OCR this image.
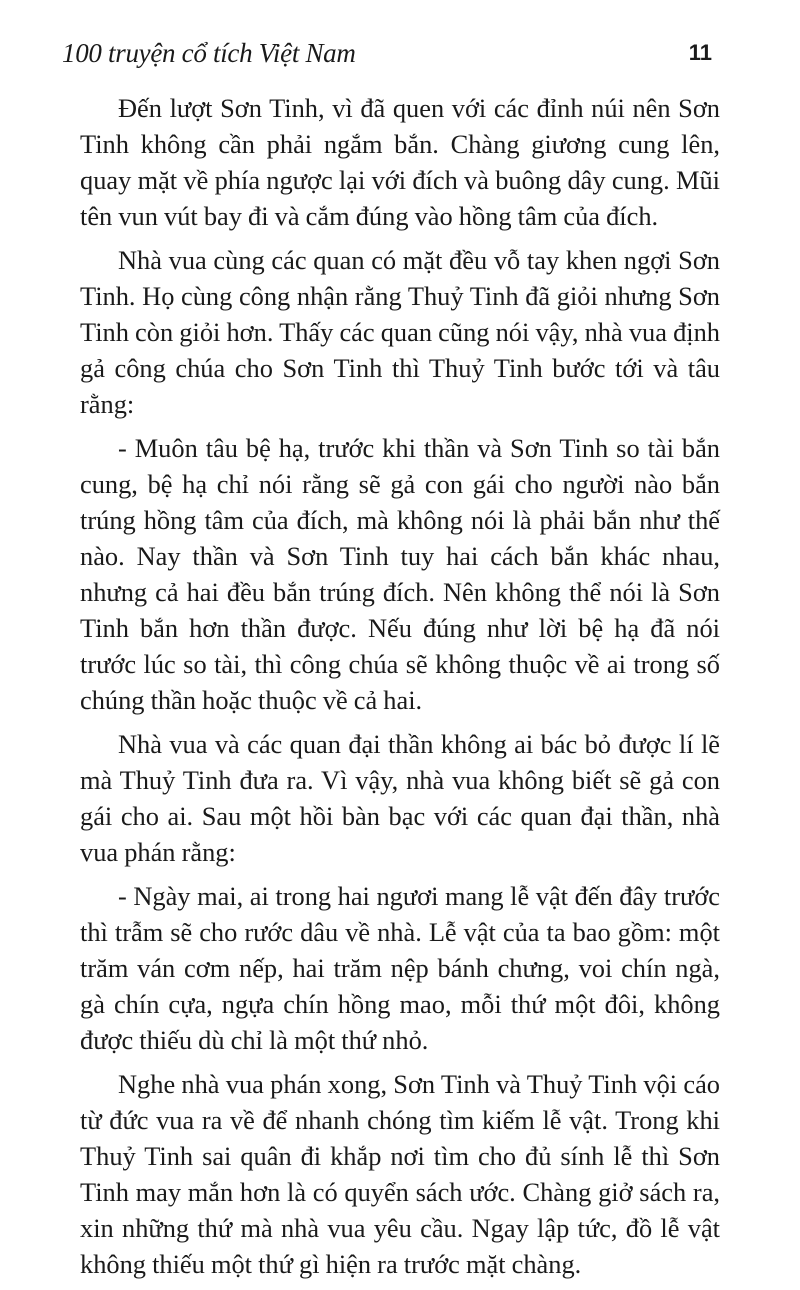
100 truyện cổ tích Việt Nam	11

Đến lượt Sơn Tinh, vì đã quen với các đỉnh núi nên Sơn Tinh không cần phải ngắm bắn. Chàng giương cung lên, quay mặt về phía ngược lại với đích và buông dây cung. Mũi tên vun vút bay đi và cắm đúng vào hồng tâm của đích.

Nhà vua cùng các quan có mặt đều vỗ tay khen ngợi Sơn Tinh. Họ cùng công nhận rằng Thuỷ Tinh đã giỏi nhưng Sơn Tinh còn giỏi hơn. Thấy các quan cũng nói vậy, nhà vua định gả công chúa cho Sơn Tinh thì Thuỷ Tinh bước tới và tâu rằng:

- Muôn tâu bệ hạ, trước khi thần và Sơn Tinh so tài bắn cung, bệ hạ chỉ nói rằng sẽ gả con gái cho người nào bắn trúng hồng tâm của đích, mà không nói là phải bắn như thế nào. Nay thần và Sơn Tinh tuy hai cách bắn khác nhau, nhưng cả hai đều bắn trúng đích. Nên không thể nói là Sơn Tinh bắn hơn thần được. Nếu đúng như lời bệ hạ đã nói trước lúc so tài, thì công chúa sẽ không thuộc về ai trong số chúng thần hoặc thuộc về cả hai.

Nhà vua và các quan đại thần không ai bác bỏ được lí lẽ mà Thuỷ Tinh đưa ra. Vì vậy, nhà vua không biết sẽ gả con gái cho ai. Sau một hồi bàn bạc với các quan đại thần, nhà vua phán rằng:

- Ngày mai, ai trong hai ngươi mang lễ vật đến đây trước thì trẫm sẽ cho rước dâu về nhà. Lễ vật của ta bao gồm: một trăm ván cơm nếp, hai trăm nệp bánh chưng, voi chín ngà, gà chín cựa, ngựa chín hồng mao, mỗi thứ một đôi, không được thiếu dù chỉ là một thứ nhỏ.

Nghe nhà vua phán xong, Sơn Tinh và Thuỷ Tinh vội cáo từ đức vua ra về để nhanh chóng tìm kiếm lễ vật. Trong khi Thuỷ Tinh sai quân đi khắp nơi tìm cho đủ sính lễ thì Sơn Tinh may mắn hơn là có quyển sách ước. Chàng giở sách ra, xin những thứ mà nhà vua yêu cầu. Ngay lập tức, đồ lễ vật không thiếu một thứ gì hiện ra trước mặt chàng.
